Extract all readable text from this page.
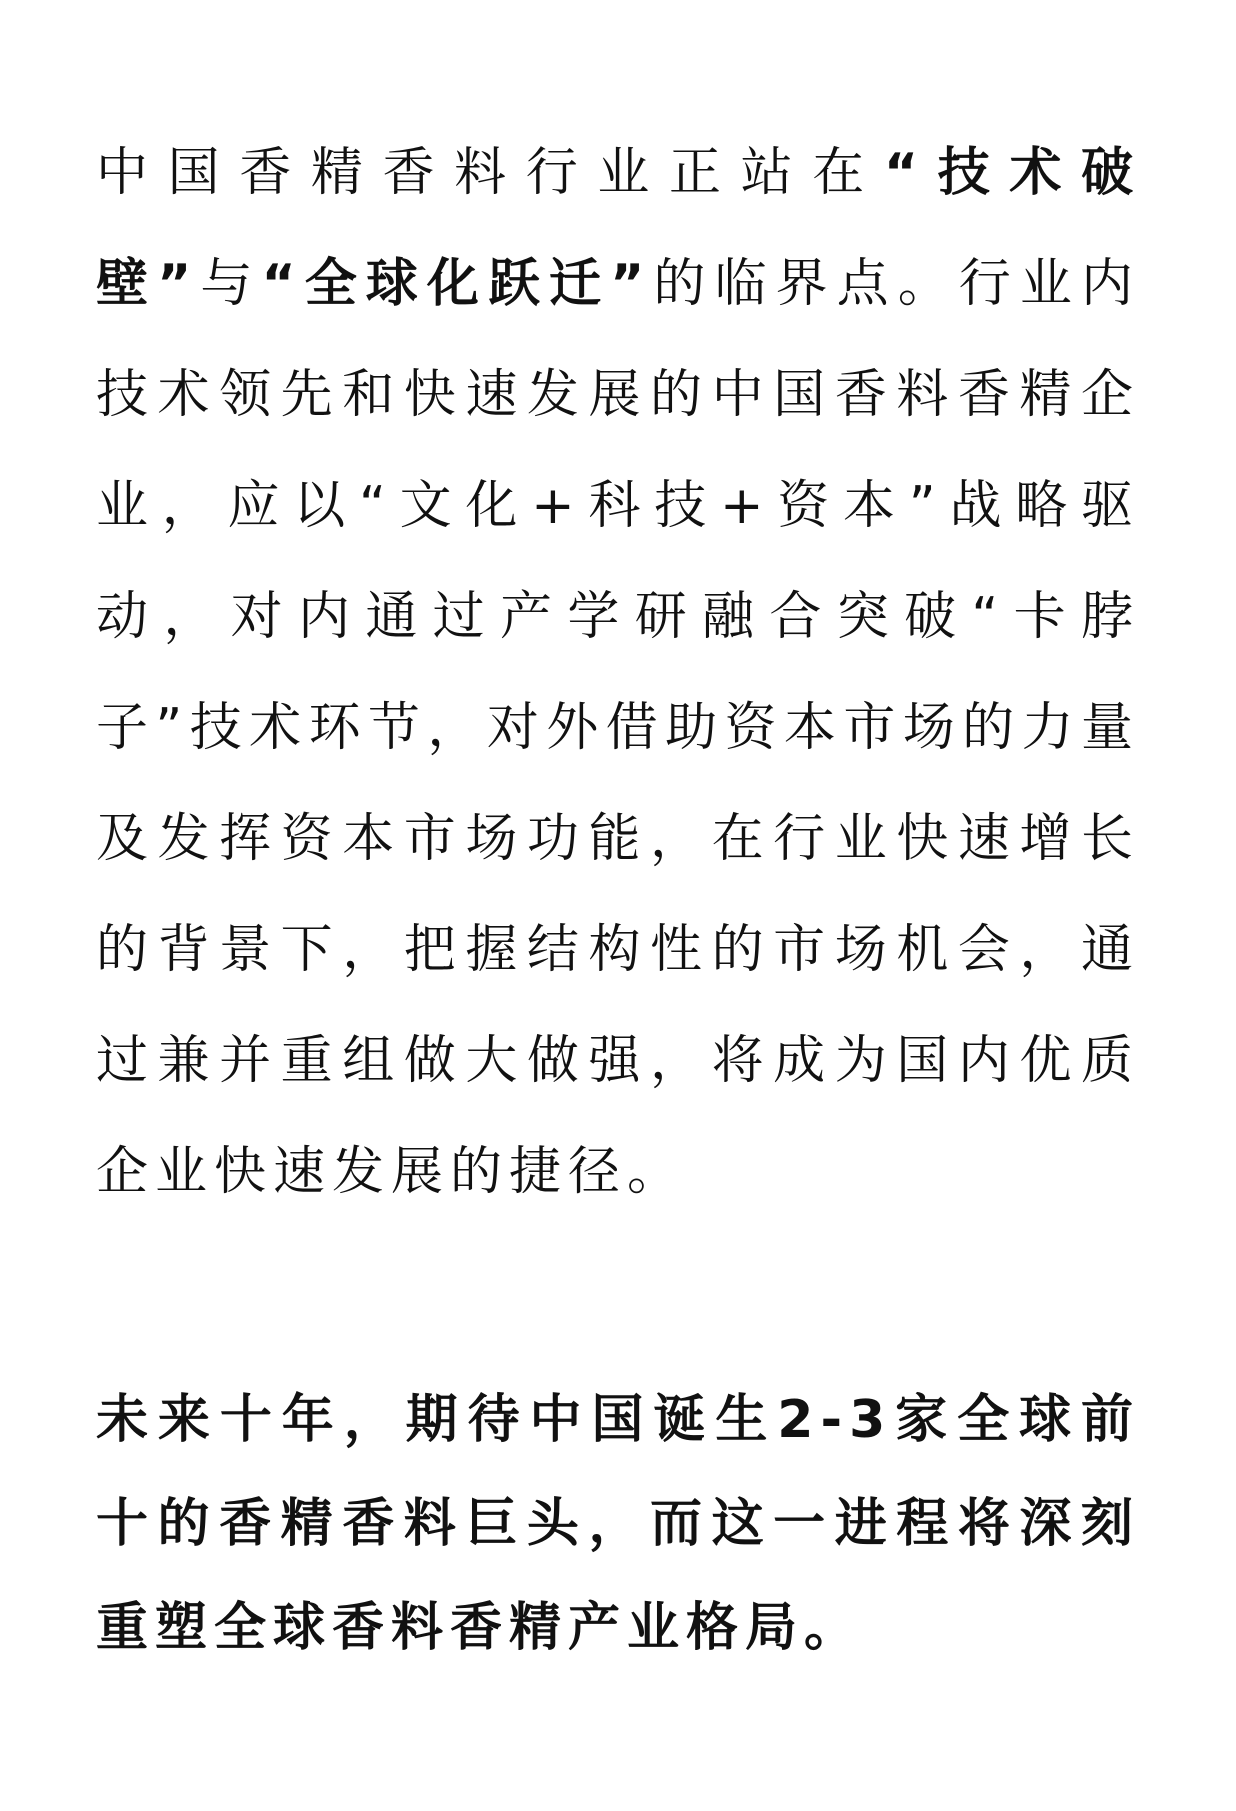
中国香精香料行业正站在“技术破壁”与“全球化跃迁”的临界点。行业内技术领先和快速发展的中国香料香精企业，应以“文化+科技+资本”战略驱动，对内通过产学研融合突破“卡脖子”技术环节，对外借助资本市场的力量及发挥资本市场功能，在行业快速增长的背景下，把握结构性的市场机会，通过兼并重组做大做强，将成为国内优质企业快速发展的捷径。

未来十年，期待中国诞生2-3家全球前十的香精香料巨头，而这一进程将深刻重塑全球香料香精产业格局。
